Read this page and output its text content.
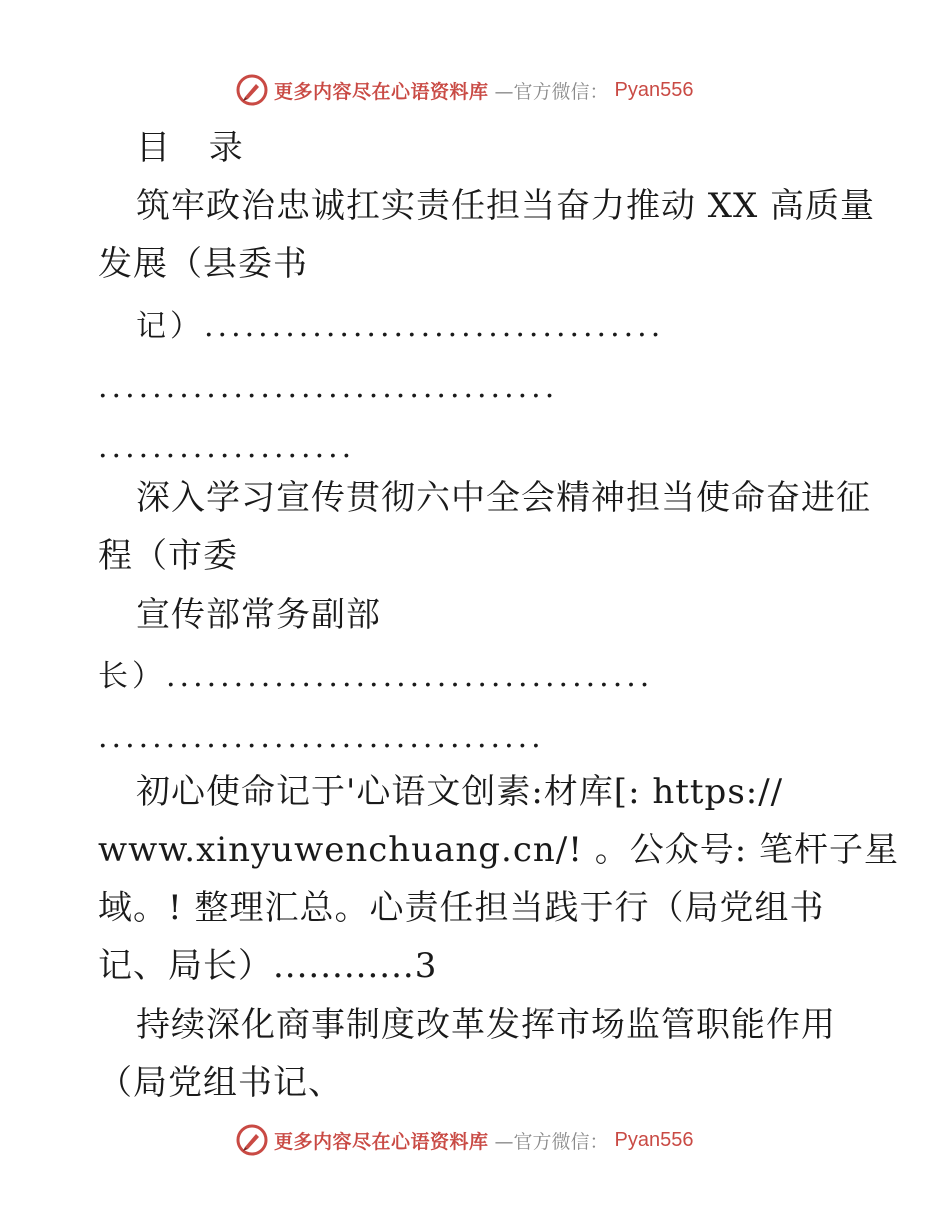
更多内容尽在心语资料库 —官方微信： Pyan556
目 录
筑牢政治忠诚扛实责任担当奋力推动 XX 高质量
发展（县委书
记）..................................
..................................
...................
深入学习宣传贯彻六中全会精神担当使命奋进征
程（市委
宣传部常务副部
长）....................................
.................................
初心使命记于'心语文创素:材库[: https://
www.xinyuwenchuang.cn/! 。公众号: 笔杆子星
域。! 整理汇总。心责任担当践于行（局党组书
记、局长）............3
持续深化商事制度改革发挥市场监管职能作用
（局党组书记、
更多内容尽在心语资料库 —官方微信： Pyan556
